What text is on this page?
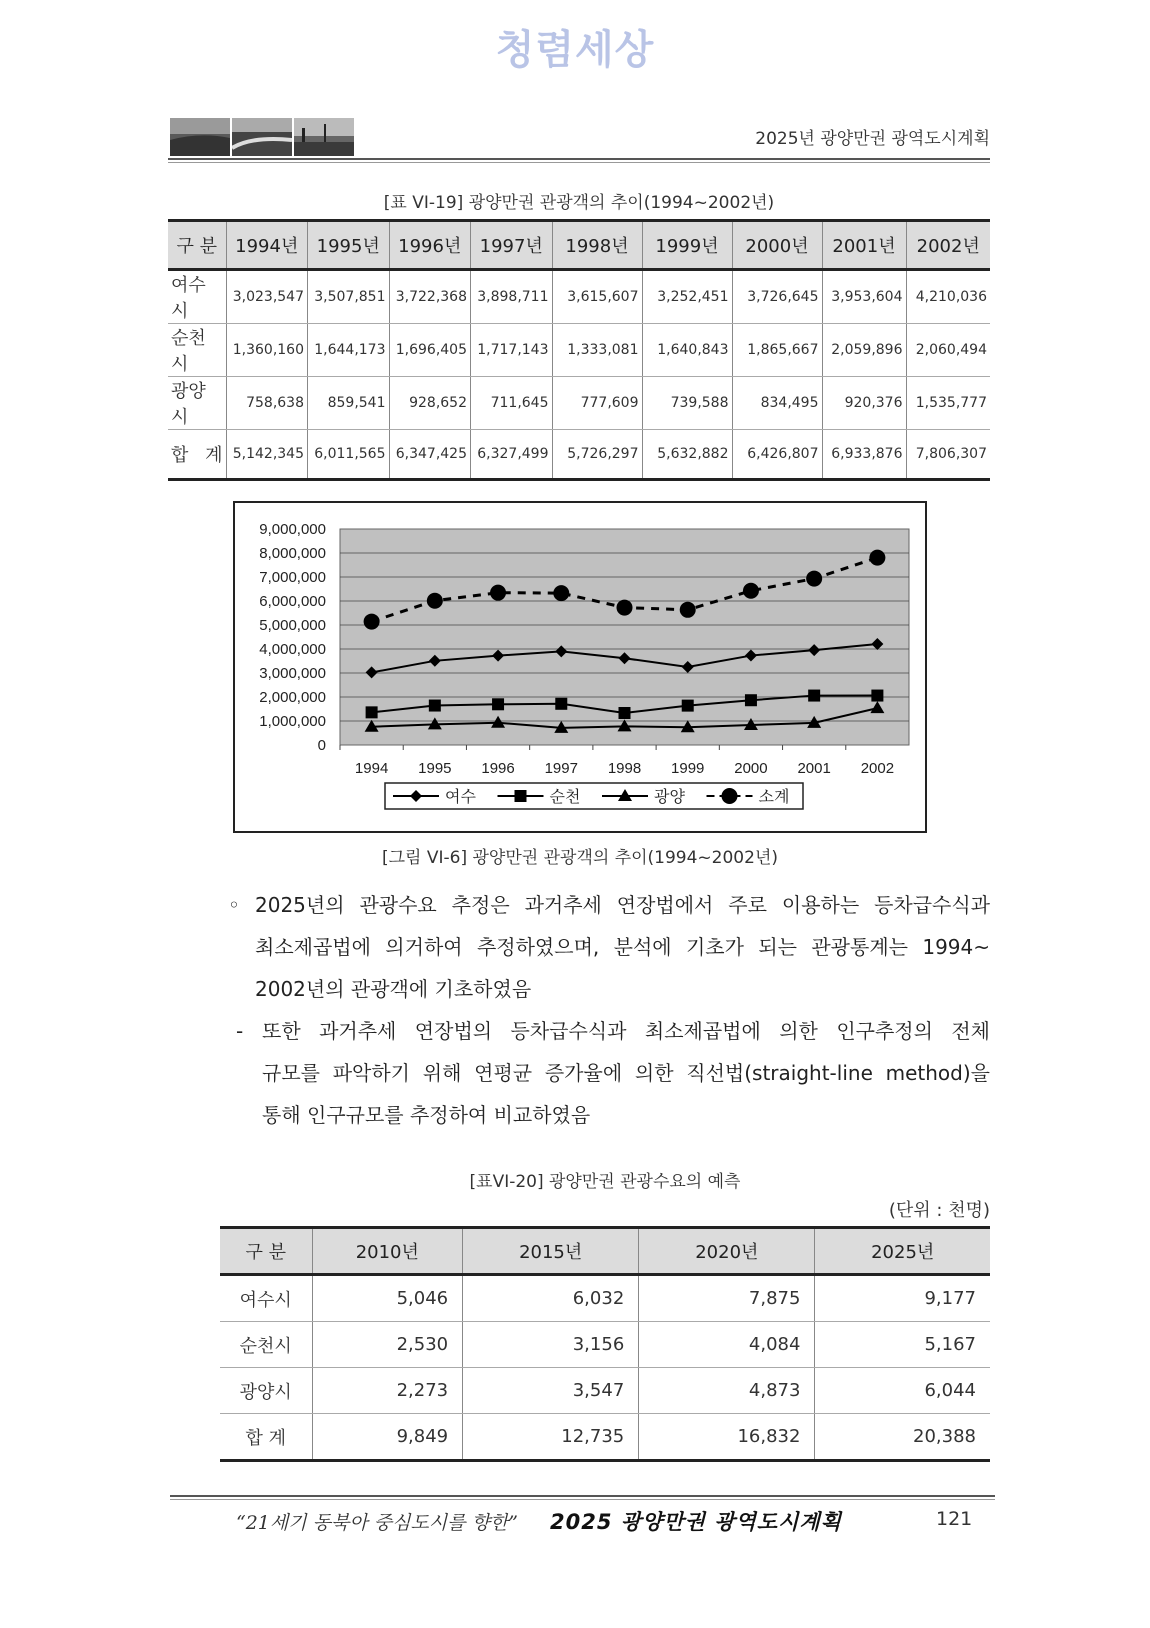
청렴세상
2025년 광양만권 광역도시계획
[표 VI-19] 광양만권 관광객의 추이(1994~2002년)
구 분	1994년	1995년	1996년	1997년	1998년	1999년	2000년	2001년	2002년
여수시	3,023,547	3,507,851	3,722,368	3,898,711	3,615,607	3,252,451	3,726,645	3,953,604	4,210,036
순천시	1,360,160	1,644,173	1,696,405	1,717,143	1,333,081	1,640,843	1,865,667	2,059,896	2,060,494
광양시	758,638	859,541	928,652	711,645	777,609	739,588	834,495	920,376	1,535,777
합 계	5,142,345	6,011,565	6,347,425	6,327,499	5,726,297	5,632,882	6,426,807	6,933,876	7,806,307
9,000,000
8,000,000
7,000,000
6,000,000
5,000,000
4,000,000
3,000,000
2,000,000
1,000,000
0
1994 1995 1996 1997 1998 1999 2000 2001 2002
여수	순천	광양	소계
[그림 VI-6] 광양만권 관광객의 추이(1994~2002년)
◦ 2025년의 관광수요 추정은 과거추세 연장법에서 주로 이용하는 등차급수식과
최소제곱법에 의거하여 추정하였으며, 분석에 기초가 되는 관광통계는 1994~
2002년의 관광객에 기초하였음
- 또한 과거추세 연장법의 등차급수식과 최소제곱법에 의한 인구추정의 전체
규모를 파악하기 위해 연평균 증가율에 의한 직선법(straight-line method)을
통해 인구규모를 추정하여 비교하였음
[표VI-20] 광양만권 관광수요의 예측
(단위 : 천명)
구 분	2010년	2015년	2020년	2025년
여수시	5,046	6,032	7,875	9,177
순천시	2,530	3,156	4,084	5,167
광양시	2,273	3,547	4,873	6,044
합 계	9,849	12,735	16,832	20,388
“21세기 동북아 중심도시를 향한” 2025 광양만권 광역도시계획	121
